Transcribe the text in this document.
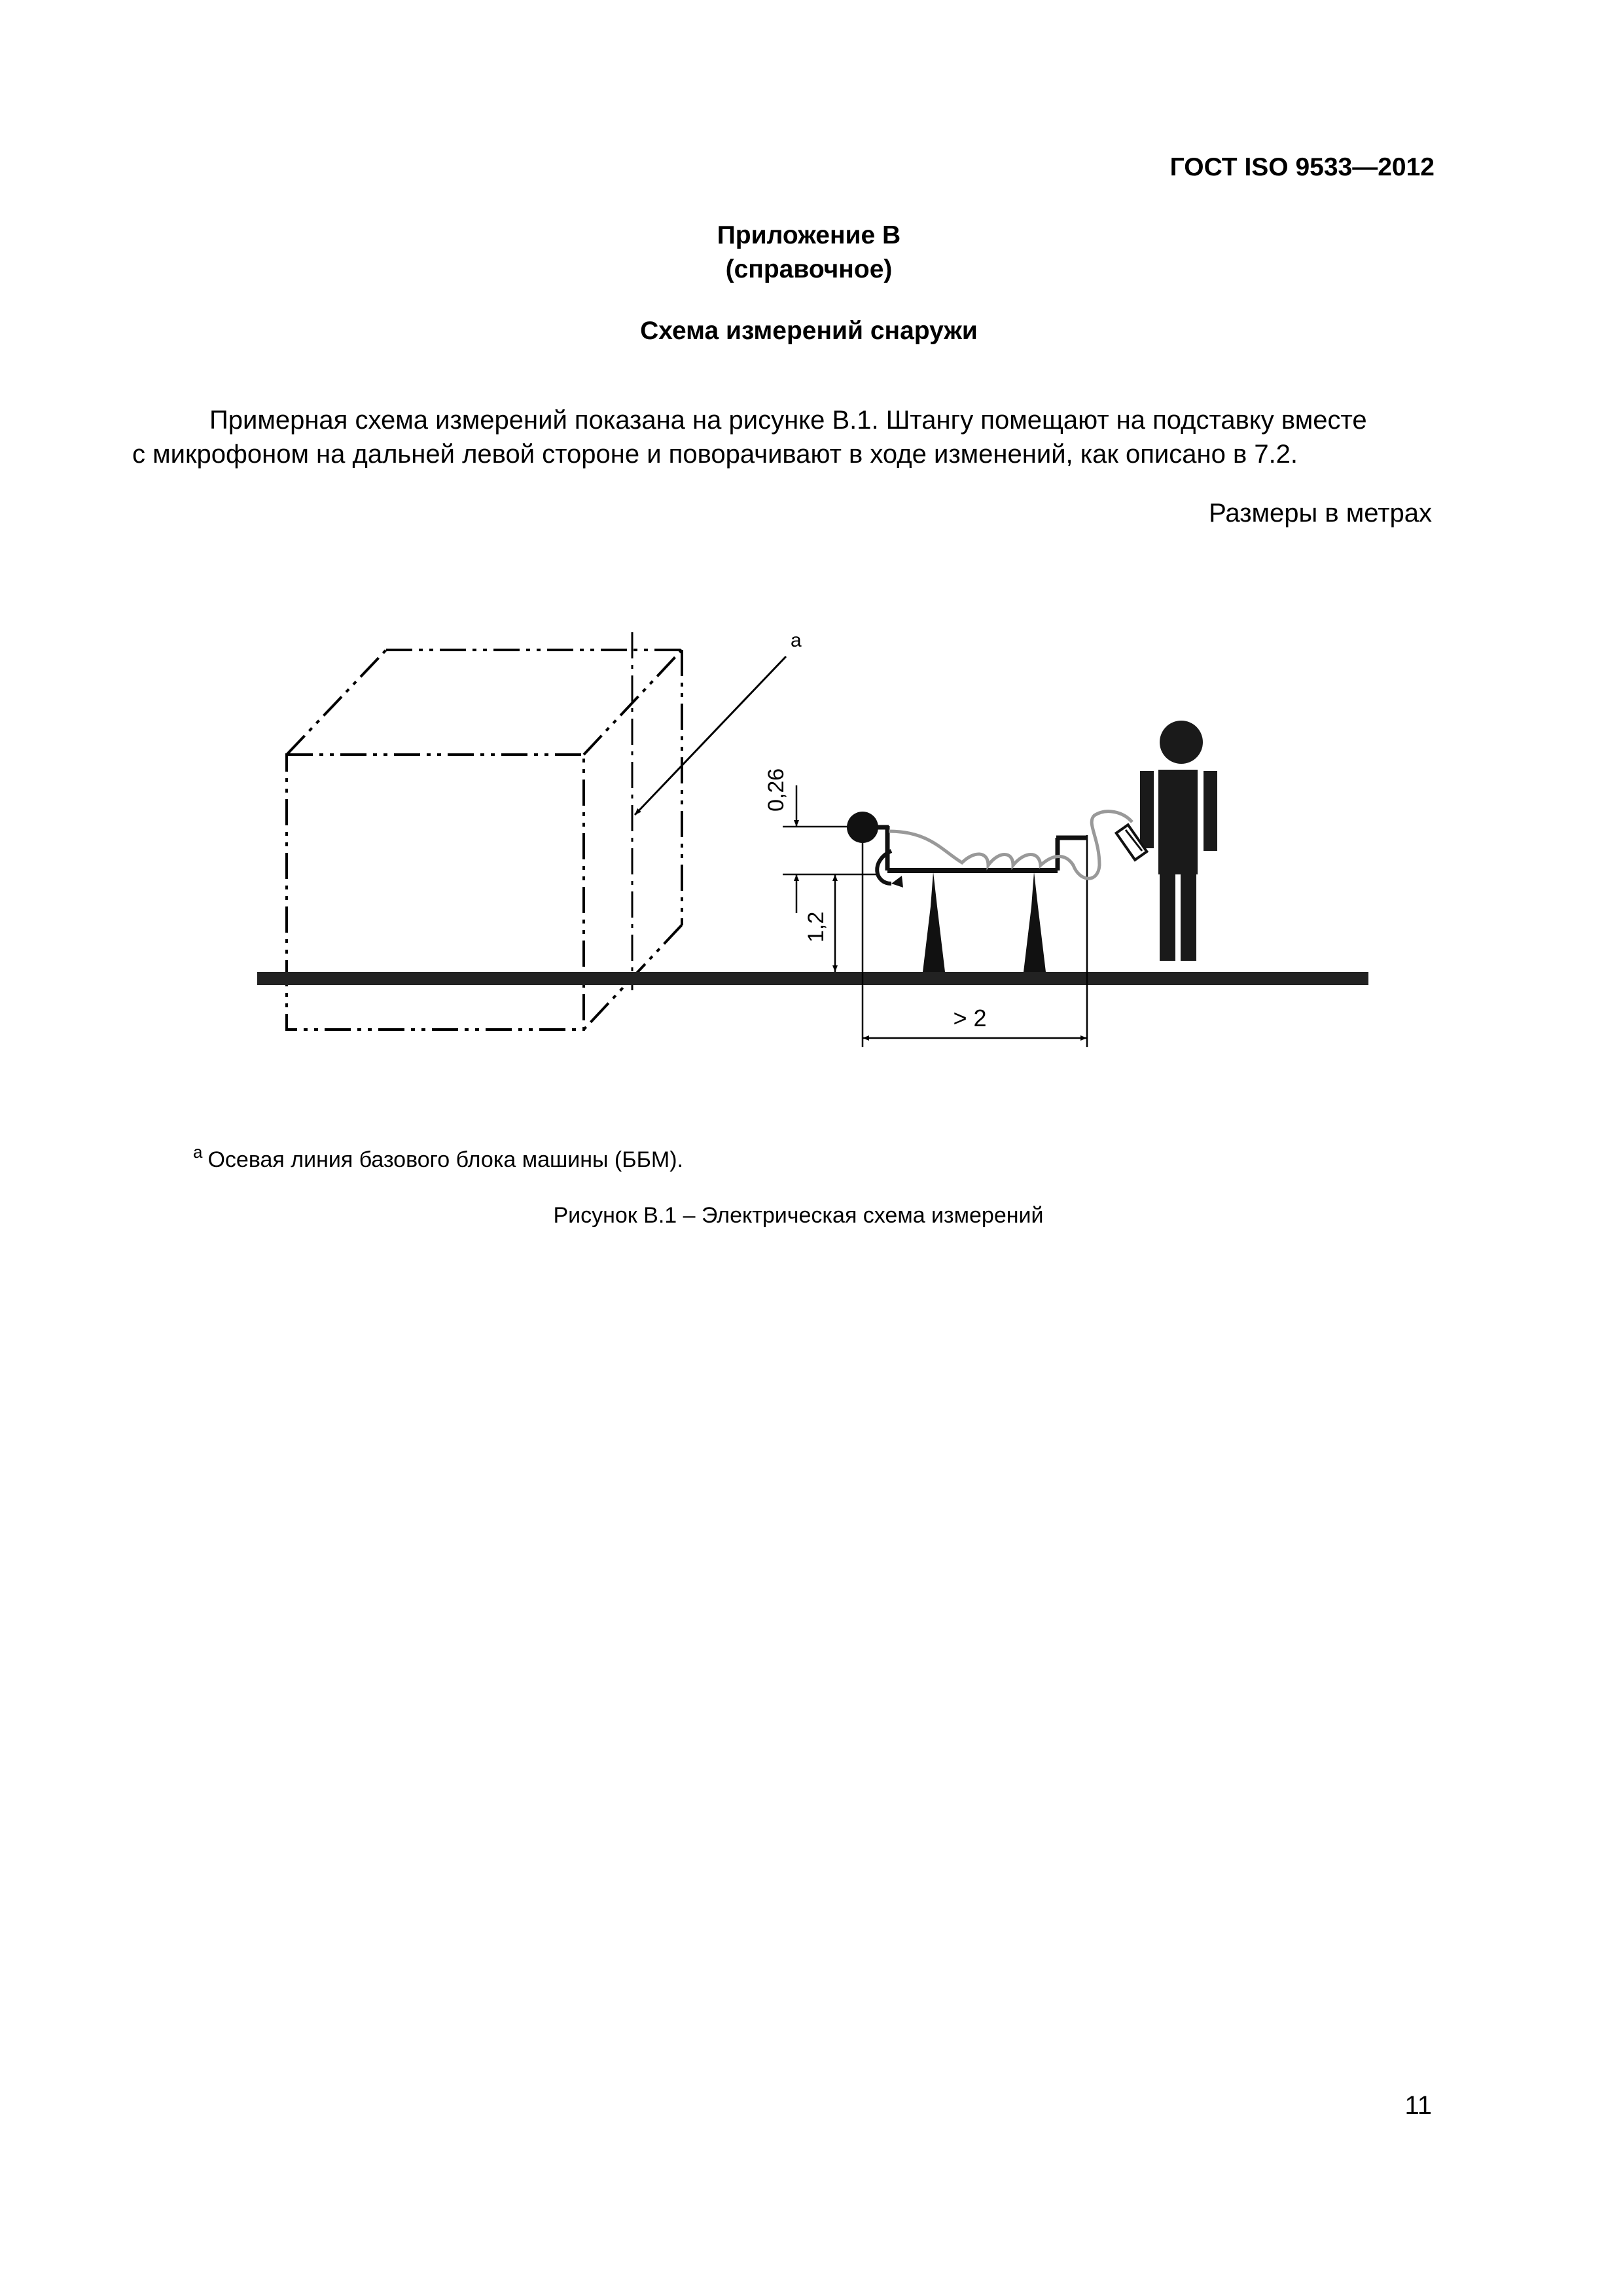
ГОСТ ISO 9533—2012
Приложение В
(справочное)
Схема измерений снаружи
Примерная схема измерений показана на рисунке В.1. Штангу помещают на подставку вместе
с микрофоном на дальней левой стороне и поворачивают в ходе изменений, как описано в 7.2.
Размеры в метрах
a
0,26
1,2
> 2
$^a$ Осевая линия базового блока машины (ББМ).
Рисунок В.1 – Электрическая схема измерений
11
